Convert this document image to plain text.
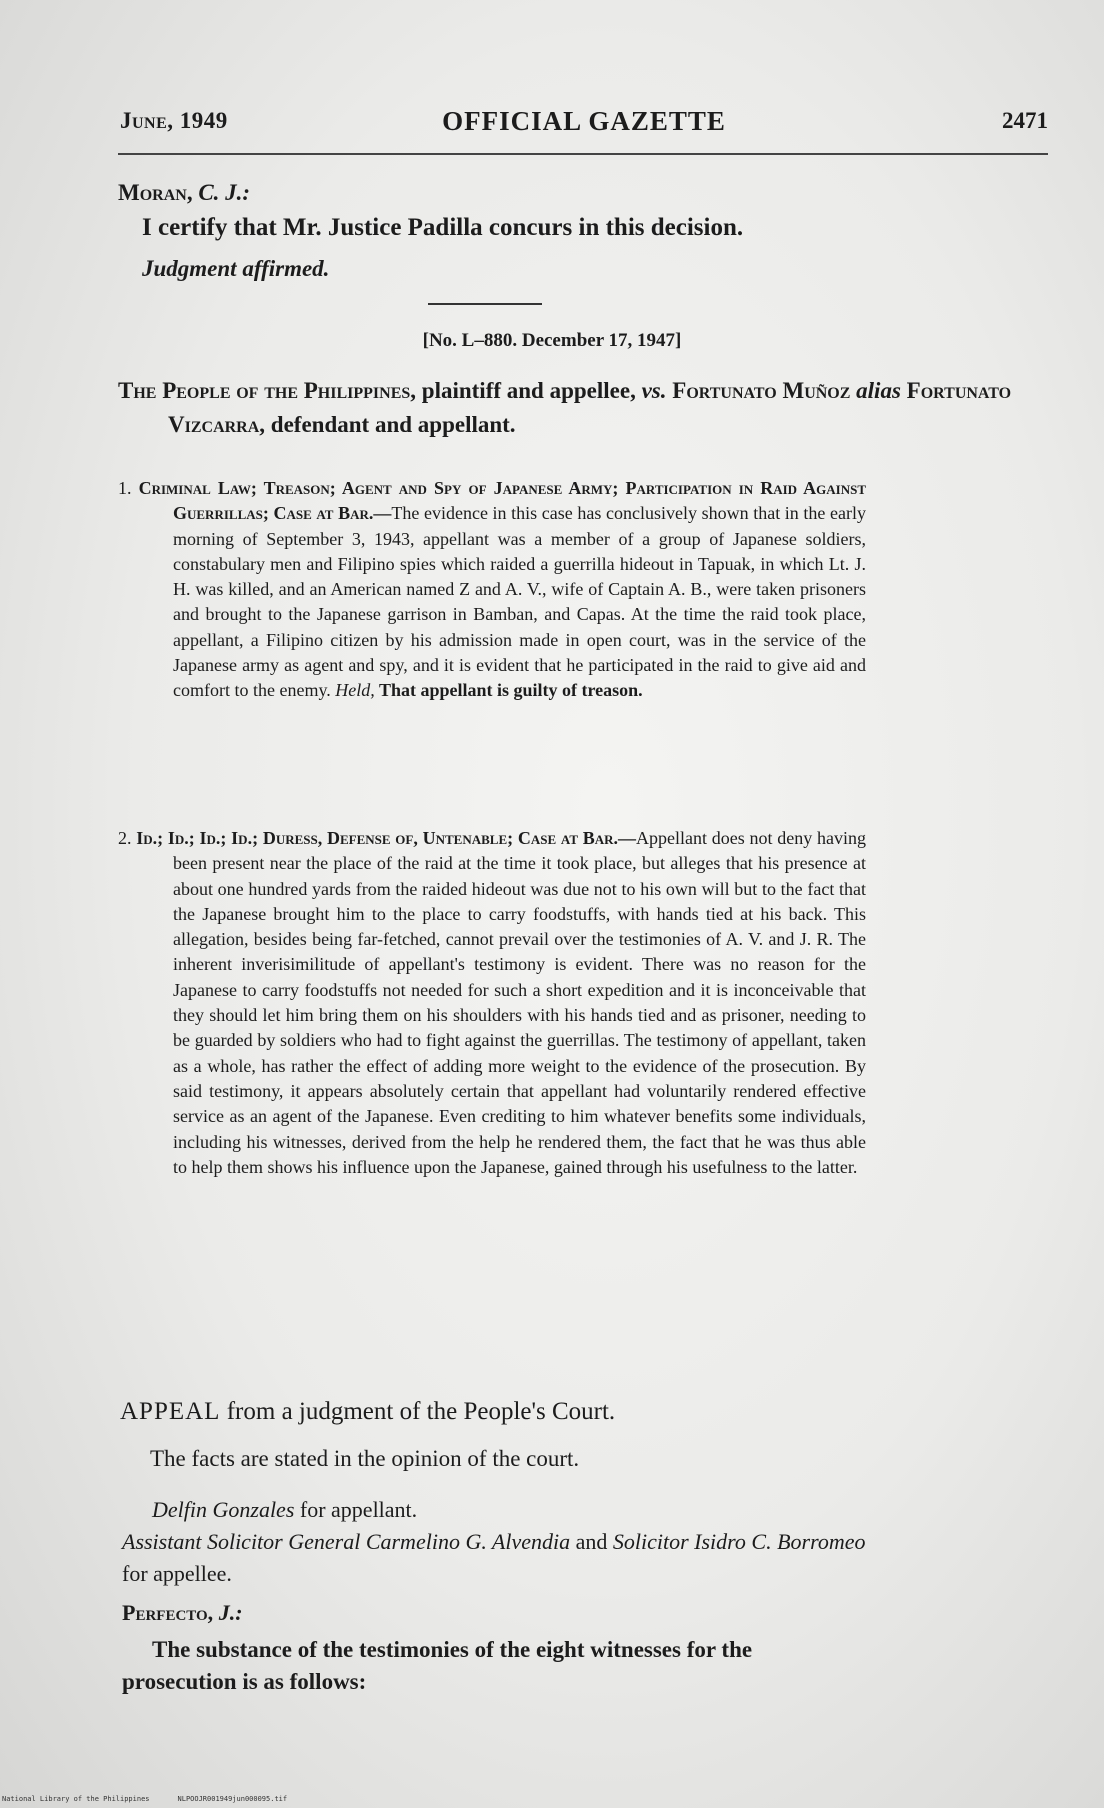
June, 1949	OFFICIAL GAZETTE	2471
Moran, C. J.:
I certify that Mr. Justice Padilla concurs in this decision.
Judgment affirmed.
[No. L–880. December 17, 1947]
The People of the Philippines, plaintiff and appellee, vs. Fortunato Muñoz alias Fortunato Vizcarra, defendant and appellant.
1. Criminal Law; Treason; Agent and Spy of Japanese Army; Participation in Raid Against Guerrillas; Case at Bar.—The evidence in this case has conclusively shown that in the early morning of September 3, 1943, appellant was a member of a group of Japanese soldiers, constabulary men and Filipino spies which raided a guerrilla hideout in Tapuak, in which Lt. J. H. was killed, and an American named Z and A. V., wife of Captain A. B., were taken prisoners and brought to the Japanese garrison in Bamban, and Capas. At the time the raid took place, appellant, a Filipino citizen by his admission made in open court, was in the service of the Japanese army as agent and spy, and it is evident that he participated in the raid to give aid and comfort to the enemy. Held, That appellant is guilty of treason.
2. Id.; Id.; Id.; Id.; Duress, Defense of, Untenable; Case at Bar.—Appellant does not deny having been present near the place of the raid at the time it took place, but alleges that his presence at about one hundred yards from the raided hideout was due not to his own will but to the fact that the Japanese brought him to the place to carry foodstuffs, with hands tied at his back. This allegation, besides being far-fetched, cannot prevail over the testimonies of A. V. and J. R. The inherent inverisimilitude of appellant's testimony is evident. There was no reason for the Japanese to carry foodstuffs not needed for such a short expedition and it is inconceivable that they should let him bring them on his shoulders with his hands tied and as prisoner, needing to be guarded by soldiers who had to fight against the guerrillas. The testimony of appellant, taken as a whole, has rather the effect of adding more weight to the evidence of the prosecution. By said testimony, it appears absolutely certain that appellant had voluntarily rendered effective service as an agent of the Japanese. Even crediting to him whatever benefits some individuals, including his witnesses, derived from the help he rendered them, the fact that he was thus able to help them shows his influence upon the Japanese, gained through his usefulness to the latter.
APPEAL from a judgment of the People's Court.
The facts are stated in the opinion of the court.
Delfin Gonzales for appellant.
Assistant Solicitor General Carmelino G. Alvendia and Solicitor Isidro C. Borromeo for appellee.
Perfecto, J.:
The substance of the testimonies of the eight witnesses for the prosecution is as follows:
National Library of the Philippines	NLPOOJR001949jun000095.tif
